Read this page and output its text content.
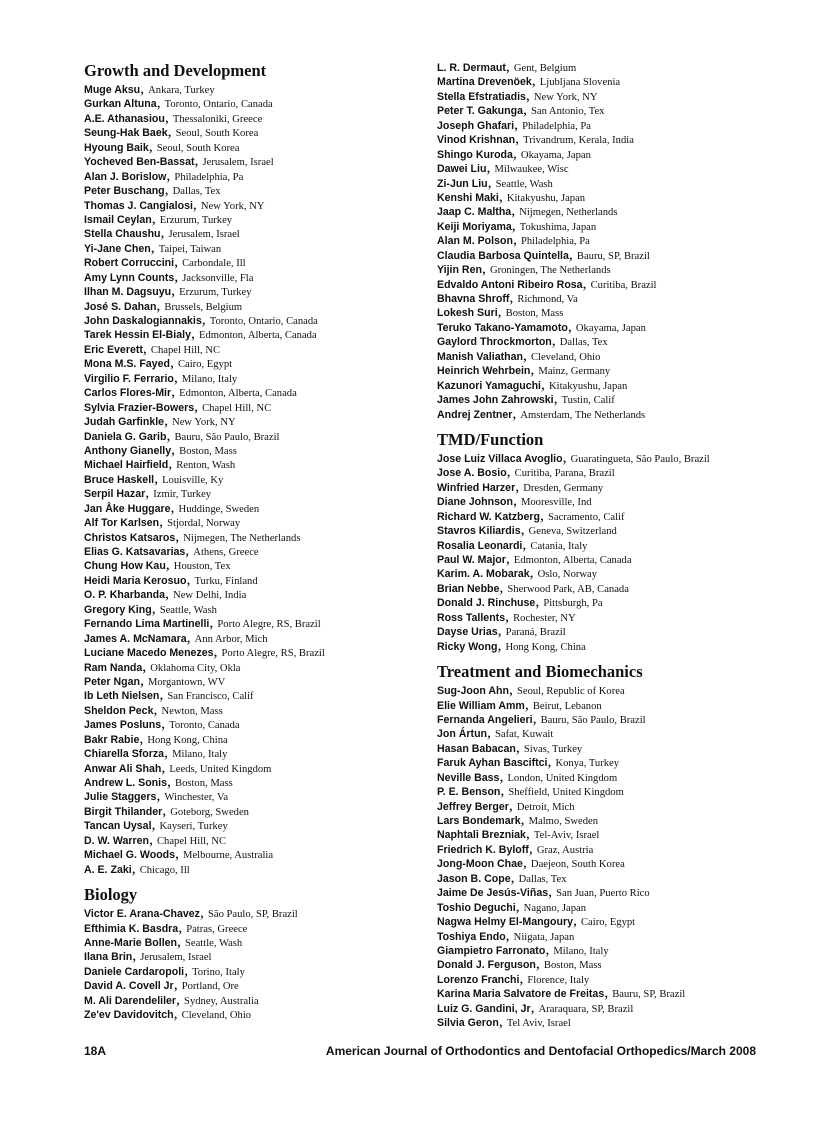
Growth and Development
Muge Aksu, Ankara, Turkey
Gurkan Altuna, Toronto, Ontario, Canada
A.E. Athanasiou, Thessaloniki, Greece
Seung-Hak Baek, Seoul, South Korea
Hyoung Baik, Seoul, South Korea
Yocheved Ben-Bassat, Jerusalem, Israel
Alan J. Borislow, Philadelphia, Pa
Peter Buschang, Dallas, Tex
Thomas J. Cangialosi, New York, NY
Ismail Ceylan, Erzurum, Turkey
Stella Chaushu, Jerusalem, Israel
Yi-Jane Chen, Taipei, Taiwan
Robert Corruccini, Carbondale, Ill
Amy Lynn Counts, Jacksonville, Fla
Ilhan M. Dagsuyu, Erzurum, Turkey
José S. Dahan, Brussels, Belgium
John Daskalogiannakis, Toronto, Ontario, Canada
Tarek Hessin El-Bialy, Edmonton, Alberta, Canada
Eric Everett, Chapel Hill, NC
Mona M.S. Fayed, Cairo, Egypt
Virgilio F. Ferrario, Milano, Italy
Carlos Flores-Mir, Edmonton, Alberta, Canada
Sylvia Frazier-Bowers, Chapel Hill, NC
Judah Garfinkle, New York, NY
Daniela G. Garib, Bauru, São Paulo, Brazil
Anthony Gianelly, Boston, Mass
Michael Hairfield, Renton, Wash
Bruce Haskell, Louisville, Ky
Serpil Hazar, Izmir, Turkey
Jan Åke Huggare, Huddinge, Sweden
Alf Tor Karlsen, Stjordal, Norway
Christos Katsaros, Nijmegen, The Netherlands
Elias G. Katsavarias, Athens, Greece
Chung How Kau, Houston, Tex
Heidi Maria Kerosuo, Turku, Finland
O. P. Kharbanda, New Delhi, India
Gregory King, Seattle, Wash
Fernando Lima Martinelli, Porto Alegre, RS, Brazil
James A. McNamara, Ann Arbor, Mich
Luciane Macedo Menezes, Porto Alegre, RS, Brazil
Ram Nanda, Oklahoma City, Okla
Peter Ngan, Morgantown, WV
Ib Leth Nielsen, San Francisco, Calif
Sheldon Peck, Newton, Mass
James Posluns, Toronto, Canada
Bakr Rabie, Hong Kong, China
Chiarella Sforza, Milano, Italy
Anwar Ali Shah, Leeds, United Kingdom
Andrew L. Sonis, Boston, Mass
Julie Staggers, Winchester, Va
Birgit Thilander, Goteborg, Sweden
Tancan Uysal, Kayseri, Turkey
D. W. Warren, Chapel Hill, NC
Michael G. Woods, Melbourne, Australia
A. E. Zaki, Chicago, Ill
Biology
Victor E. Arana-Chavez, São Paulo, SP, Brazil
Efthimia K. Basdra, Patras, Greece
Anne-Marie Bollen, Seattle, Wash
Ilana Brin, Jerusalem, Israel
Daniele Cardaropoli, Torino, Italy
David A. Covell Jr, Portland, Ore
M. Ali Darendeliler, Sydney, Australia
Ze'ev Davidovitch, Cleveland, Ohio
L. R. Dermaut, Gent, Belgium
Martina Drevenöek, Ljubljana Slovenia
Stella Efstratiadis, New York, NY
Peter T. Gakunga, San Antonio, Tex
Joseph Ghafari, Philadelphia, Pa
Vinod Krishnan, Trivandrum, Kerala, India
Shingo Kuroda, Okayama, Japan
Dawei Liu, Milwaukee, Wisc
Zi-Jun Liu, Seattle, Wash
Kenshi Maki, Kitakyushu, Japan
Jaap C. Maltha, Nijmegen, Netherlands
Keiji Moriyama, Tokushima, Japan
Alan M. Polson, Philadelphia, Pa
Claudia Barbosa Quintella, Bauru, SP, Brazil
Yijin Ren, Groningen, The Netherlands
Edvaldo Antoni Ribeiro Rosa, Curitiba, Brazil
Bhavna Shroff, Richmond, Va
Lokesh Suri, Boston, Mass
Teruko Takano-Yamamoto, Okayama, Japan
Gaylord Throckmorton, Dallas, Tex
Manish Valiathan, Cleveland, Ohio
Heinrich Wehrbein, Mainz, Germany
Kazunori Yamaguchi, Kitakyushu, Japan
James John Zahrowski, Tustin, Calif
Andrej Zentner, Amsterdam, The Netherlands
TMD/Function
Jose Luiz Villaca Avoglio, Guaratingueta, São Paulo, Brazil
Jose A. Bosio, Curitiba, Parana, Brazil
Winfried Harzer, Dresden, Germany
Diane Johnson, Mooresville, Ind
Richard W. Katzberg, Sacramento, Calif
Stavros Kiliardis, Geneva, Switzerland
Rosalia Leonardi, Catania, Italy
Paul W. Major, Edmonton, Alberta, Canada
Karim. A. Mobarak, Oslo, Norway
Brian Nebbe, Sherwood Park, AB, Canada
Donald J. Rinchuse, Pittsburgh, Pa
Ross Tallents, Rochester, NY
Dayse Urias, Paraná, Brazil
Ricky Wong, Hong Kong, China
Treatment and Biomechanics
Sug-Joon Ahn, Seoul, Republic of Korea
Elie William Amm, Beirut, Lebanon
Fernanda Angelieri, Bauru, São Paulo, Brazil
Jon Ártun, Safat, Kuwait
Hasan Babacan, Sivas, Turkey
Faruk Ayhan Basciftci, Konya, Turkey
Neville Bass, London, United Kingdom
P. E. Benson, Sheffield, United Kingdom
Jeffrey Berger, Detroit, Mich
Lars Bondemark, Malmo, Sweden
Naphtali Brezniak, Tel-Aviv, Israel
Friedrich K. Byloff, Graz, Austria
Jong-Moon Chae, Daejeon, South Korea
Jason B. Cope, Dallas, Tex
Jaime De Jesús-Viñas, San Juan, Puerto Rico
Toshio Deguchi, Nagano, Japan
Nagwa Helmy El-Mangoury, Cairo, Egypt
Toshiya Endo, Niigata, Japan
Giampietro Farronato, Milano, Italy
Donald J. Ferguson, Boston, Mass
Lorenzo Franchi, Florence, Italy
Karina Maria Salvatore de Freitas, Bauru, SP, Brazil
Luiz G. Gandini, Jr, Araraquara, SP, Brazil
Silvia Geron, Tel Aviv, Israel
18A	American Journal of Orthodontics and Dentofacial Orthopedics/March 2008
